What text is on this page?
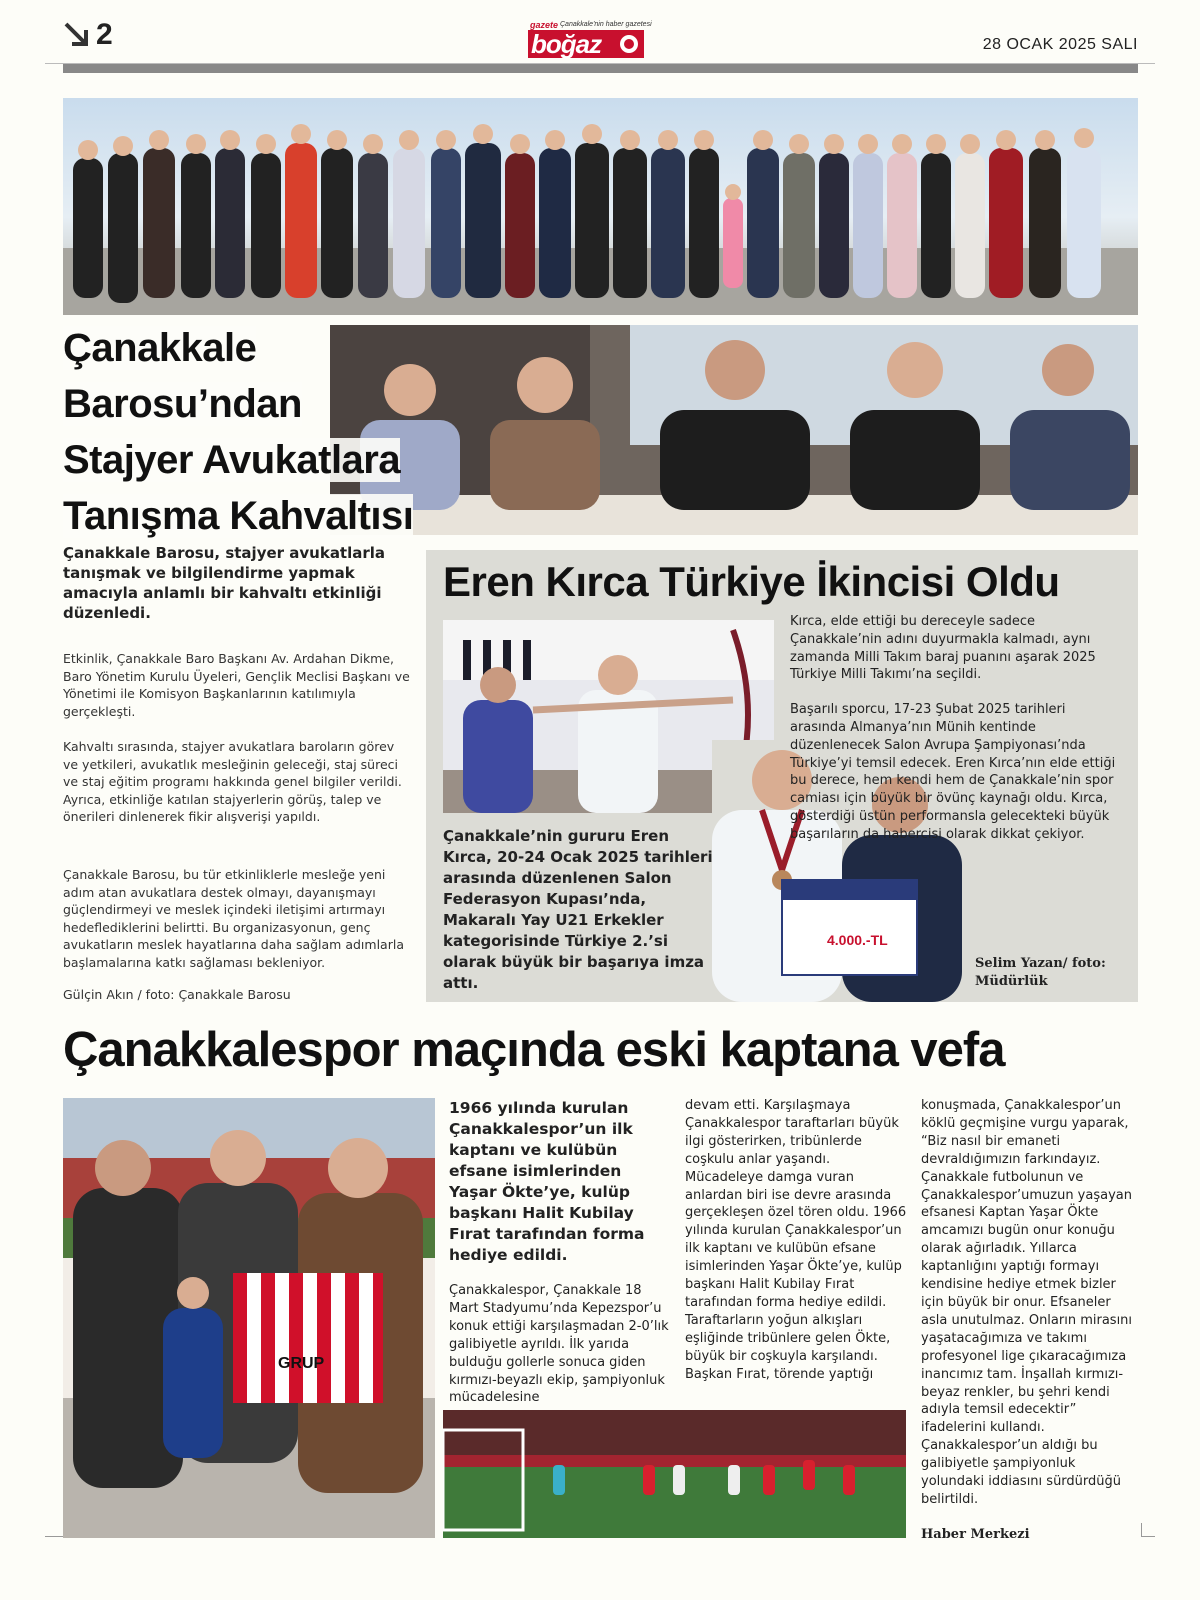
2	gazete Çanakkale'nin haber gazetesi
boğaz	28 OCAK 2025 SALI
Çanakkale
Barosu’ndan
Stajyer Avukatlara
Tanışma Kahvaltısı
Çanakkale Barosu, stajyer avukatlarla tanışmak ve bilgilendirme yapmak amacıyla anlamlı bir kahvaltı etkinliği düzenledi.
Etkinlik, Çanakkale Baro Başkanı Av. Ardahan Dikme, Baro Yönetim Kurulu Üyeleri, Gençlik Meclisi Başkanı ve Yönetimi ile Komisyon Başkanlarının katılımıyla gerçekleşti.
Kahvaltı sırasında, stajyer avukatlara baroların görev ve yetkileri, avukatlık mesleğinin geleceği, staj süreci ve staj eğitim programı hakkında genel bilgiler verildi. Ayrıca, etkinliğe katılan stajyerlerin görüş, talep ve önerileri dinlenerek fikir alışverişi yapıldı.
Çanakkale Barosu, bu tür etkinliklerle mesleğe yeni adım atan avukatlara destek olmayı, dayanışmayı güçlendirmeyi ve meslek içindeki iletişimi artırmayı hedeflediklerini belirtti. Bu organizasyonun, genç avukatların meslek hayatlarına daha sağlam adımlarla başlamalarına katkı sağlaması bekleniyor.
Gülçin Akın / foto: Çanakkale Barosu
Eren Kırca Türkiye İkincisi Oldu
4.000.-TL
Çanakkale’nin gururu Eren Kırca, 20-24 Ocak 2025 tarihleri arasında düzenlenen Salon Federasyon Kupası’nda, Makaralı Yay U21 Erkekler kategorisinde Türkiye 2.’si olarak büyük bir başarıya imza attı.

Kırca, elde ettiği bu dereceyle sadece Çanakkale’nin adını duyurmakla kalmadı, aynı zamanda Milli Takım baraj puanını aşarak 2025 Türkiye Milli Takımı’na seçildi.

Başarılı sporcu, 17-23 Şubat 2025 tarihleri arasında Almanya’nın Münih kentinde düzenlenecek Salon Avrupa Şampiyonası’nda Türkiye’yi temsil edecek. Eren Kırca’nın elde ettiği bu derece, hem kendi hem de Çanakkale’nin spor camiası için büyük bir övünç kaynağı oldu. Kırca, gösterdiği üstün performansla gelecekteki büyük başarıların da habercisi olarak dikkat çekiyor.

Selim Yazan/ foto: Müdürlük
Çanakkalespor maçında eski kaptana vefa
GRUP
1966 yılında kurulan Çanakkalespor’un ilk kaptanı ve kulübün efsane isimlerinden Yaşar Ökte’ye, kulüp başkanı Halit Kubilay Fırat tarafından forma hediye edildi.
Çanakkalespor, Çanakkale 18 Mart Stadyumu’nda Kepezspor’u konuk ettiği karşılaşmadan 2-0’lık galibiyetle ayrıldı. İlk yarıda bulduğu gollerle sonuca giden kırmızı-beyazlı ekip, şampiyonluk mücadelesine
devam etti. Karşılaşmaya Çanakkalespor taraftarları büyük ilgi gösterirken, tribünlerde coşkulu anlar yaşandı. Mücadeleye damga vuran anlardan biri ise devre arasında gerçekleşen özel tören oldu. 1966 yılında kurulan Çanakkalespor’un ilk kaptanı ve kulübün efsane isimlerinden Yaşar Ökte’ye, kulüp başkanı Halit Kubilay Fırat tarafından forma hediye edildi. Taraftarların yoğun alkışları eşliğinde tribünlere gelen Ökte, büyük bir coşkuyla karşılandı. Başkan Fırat, törende yaptığı
konuşmada, Çanakkalespor’un köklü geçmişine vurgu yaparak, “Biz nasıl bir emaneti devraldığımızın farkındayız. Çanakkale futbolunun ve Çanakkalespor’umuzun yaşayan efsanesi Kaptan Yaşar Ökte amcamızı bugün onur konuğu olarak ağırladık. Yıllarca kaptanlığını yaptığı formayı kendisine hediye etmek bizler için büyük bir onur. Efsaneler asla unutulmaz. Onların mirasını yaşatacağımıza ve takımı profesyonel lige çıkaracağımıza inancımız tam. İnşallah kırmızı-beyaz renkler, bu şehri kendi adıyla temsil edecektir” ifadelerini kullandı. Çanakkalespor’un aldığı bu galibiyetle şampiyonluk yolundaki iddiasını sürdürdüğü belirtildi.
Haber Merkezi
